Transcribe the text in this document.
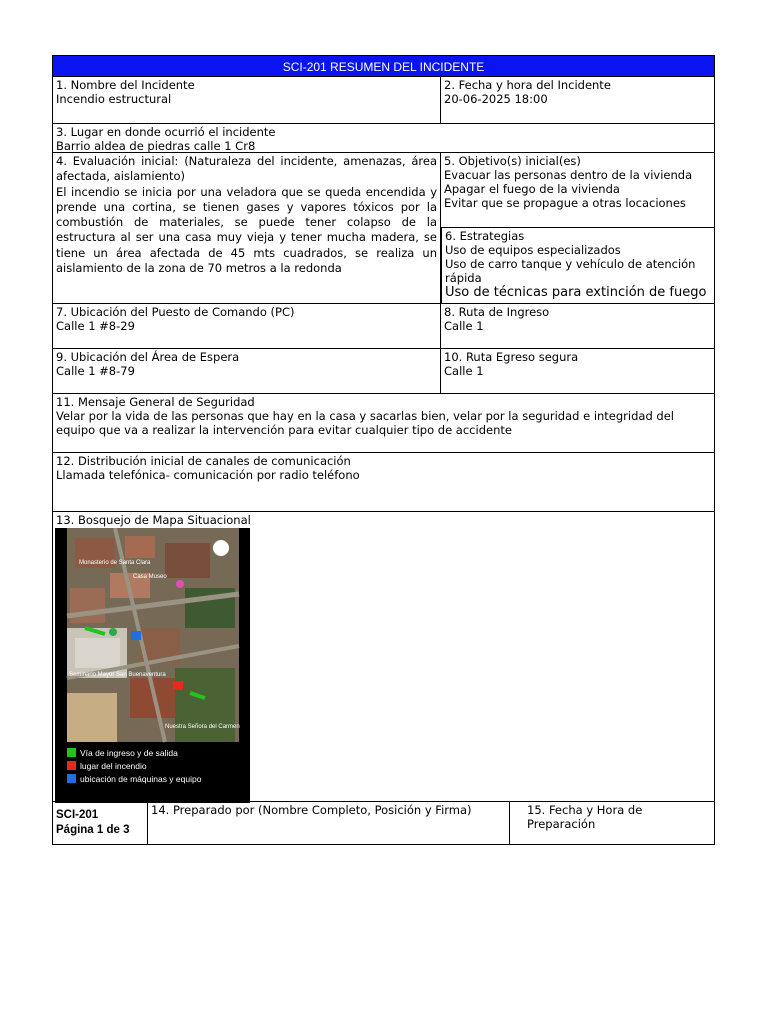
SCI-201 RESUMEN DEL INCIDENTE
1. Nombre del Incidente
Incendio estructural
2. Fecha y hora del Incidente
20-06-2025 18:00
3. Lugar en donde ocurrió el incidente
Barrio aldea de piedras calle 1 Cr8
4. Evaluación inicial: (Naturaleza del incidente, amenazas, área afectada, aislamiento)
El incendio se inicia por una veladora que se queda encendida y prende una cortina, se tienen gases y vapores tóxicos por la combustión de materiales, se puede tener colapso de la estructura al ser una casa muy vieja y tener mucha madera, se tiene un área afectada de 45 mts cuadrados, se realiza un aislamiento de la zona de 70 metros a la redonda
5. Objetivo(s) inicial(es)
Evacuar las personas dentro de la vivienda
Apagar el fuego de la vivienda
Evitar que se propague a otras locaciones
6. Estrategias
Uso de equipos especializados
Uso de carro tanque y vehículo de atención rápida
Uso de técnicas para extinción de fuego
7. Ubicación del Puesto de Comando (PC)
Calle 1 #8-29
8. Ruta de Ingreso
Calle 1
9. Ubicación del Área de Espera
Calle 1 #8-79
10. Ruta Egreso segura
Calle 1
11. Mensaje General de Seguridad
Velar por la vida de las personas que hay en la casa y sacarlas bien, velar por la seguridad e integridad del equipo que va a realizar la intervención para evitar cualquier tipo de accidente
12. Distribución inicial de canales de comunicación
Llamada telefónica- comunicación por radio teléfono
13. Bosquejo de Mapa Situacional
SCI-201
Página 1 de 3
14. Preparado por (Nombre Completo, Posición y Firma)	15. Fecha y Hora de Preparación
Monasterio de Santa Clara
Casa Museo
Seminario Mayor San Buenaventura
Nuestra Señora del Carmen
Vía de ingreso y de salida
lugar del incendio
ubicación de máquinas y equipo
